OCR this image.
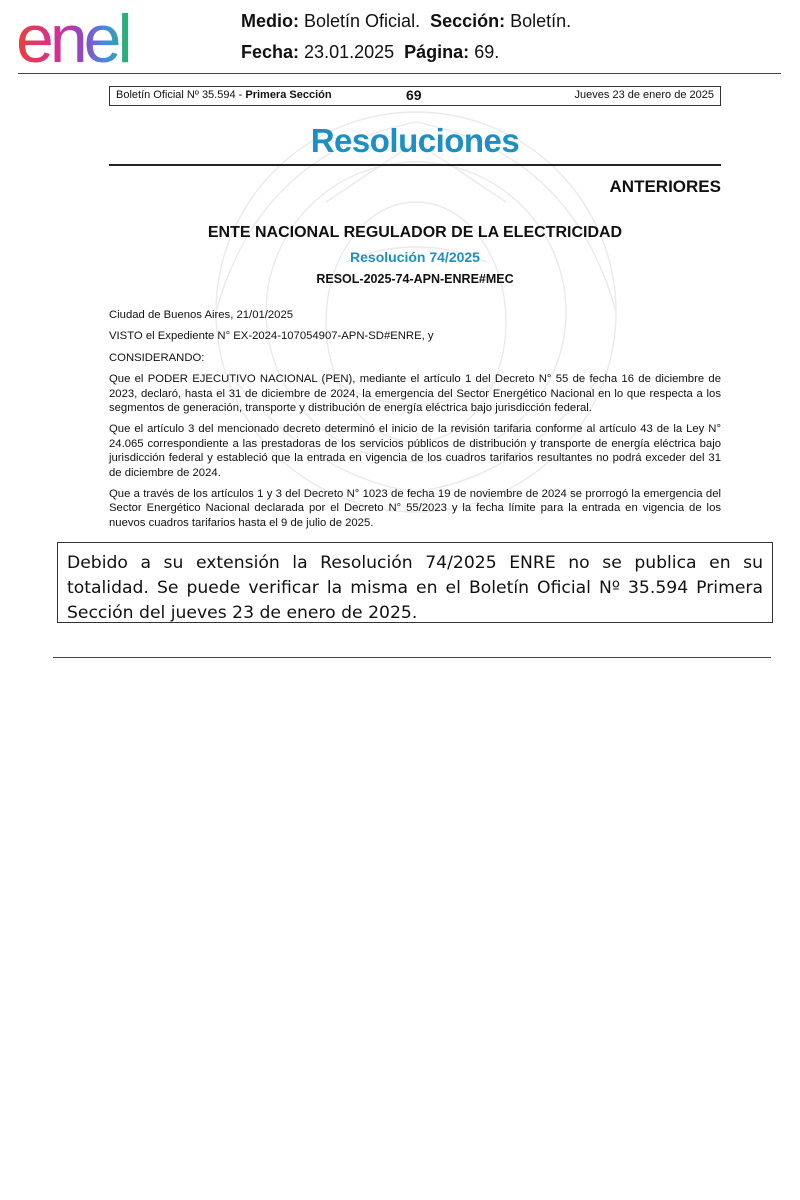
enel	Medio: Boletín Oficial. Sección: Boletín.
Fecha: 23.01.2025 Página: 69.
Boletín Oficial Nº 35.594 - Primera Sección	69	Jueves 23 de enero de 2025
Resoluciones
ANTERIORES
ENTE NACIONAL REGULADOR DE LA ELECTRICIDAD
Resolución 74/2025
RESOL-2025-74-APN-ENRE#MEC

Ciudad de Buenos Aires, 21/01/2025

VISTO el Expediente N° EX-2024-107054907-APN-SD#ENRE, y

CONSIDERANDO:

Que el PODER EJECUTIVO NACIONAL (PEN), mediante el artículo 1 del Decreto N° 55 de fecha 16 de diciembre de 2023, declaró, hasta el 31 de diciembre de 2024, la emergencia del Sector Energético Nacional en lo que respecta a los segmentos de generación, transporte y distribución de energía eléctrica bajo jurisdicción federal.

Que el artículo 3 del mencionado decreto determinó el inicio de la revisión tarifaria conforme al artículo 43 de la Ley N° 24.065 correspondiente a las prestadoras de los servicios públicos de distribución y transporte de energía eléctrica bajo jurisdicción federal y estableció que la entrada en vigencia de los cuadros tarifarios resultantes no podrá exceder del 31 de diciembre de 2024.

Que a través de los artículos 1 y 3 del Decreto N° 1023 de fecha 19 de noviembre de 2024 se prorrogó la emergencia del Sector Energético Nacional declarada por el Decreto N° 55/2023 y la fecha límite para la entrada en vigencia de los nuevos cuadros tarifarios hasta el 9 de julio de 2025.

Debido a su extensión la Resolución 74/2025 ENRE no se publica en su totalidad. Se puede verificar la misma en el Boletín Oficial Nº 35.594 Primera Sección del jueves 23 de enero de 2025.
